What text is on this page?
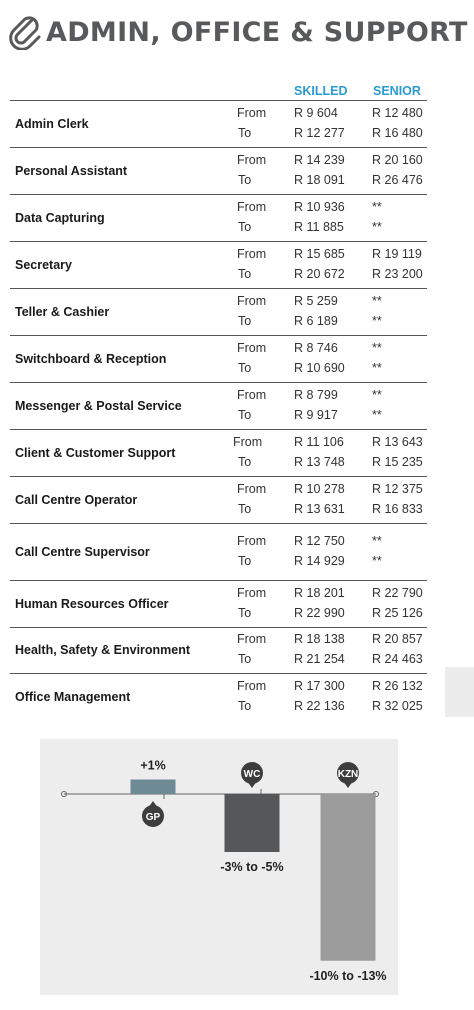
ADMIN, OFFICE & SUPPORT
SKILLED SENIOR
Admin Clerk
From
To
R 9 604
R 12 277
R 12 480
R 16 480
Personal Assistant
From
To
R 14 239
R 18 091
R 20 160
R 26 476
Data Capturing
From
To
R 10 936
R 11 885
**
**
Secretary
From
To
R 15 685
R 20 672
R 19 119
R 23 200
Teller & Cashier
From
To
R 5 259
R 6 189
**
**
Switchboard & Reception
From
To
R 8 746
R 10 690
**
**
Messenger & Postal Service
From
To
R 8 799
R 9 917
**
**
Client & Customer Support
From
To
R 11 106
R 13 748
R 13 643
R 15 235
Call Centre Operator
From
To
R 10 278
R 13 631
R 12 375
R 16 833
Call Centre Supervisor
From
To
R 12 750
R 14 929
**
**
Human Resources Officer
From
To
R 18 201
R 22 990
R 22 790
R 25 126
Health, Safety & Environment
From
To
R 18 138
R 21 254
R 20 857
R 24 463
Office Management
From
To
R 17 300
R 22 136
R 26 132
R 32 025
GP
+1%
WC
-3% to -5%
KZN
-10% to -13%
